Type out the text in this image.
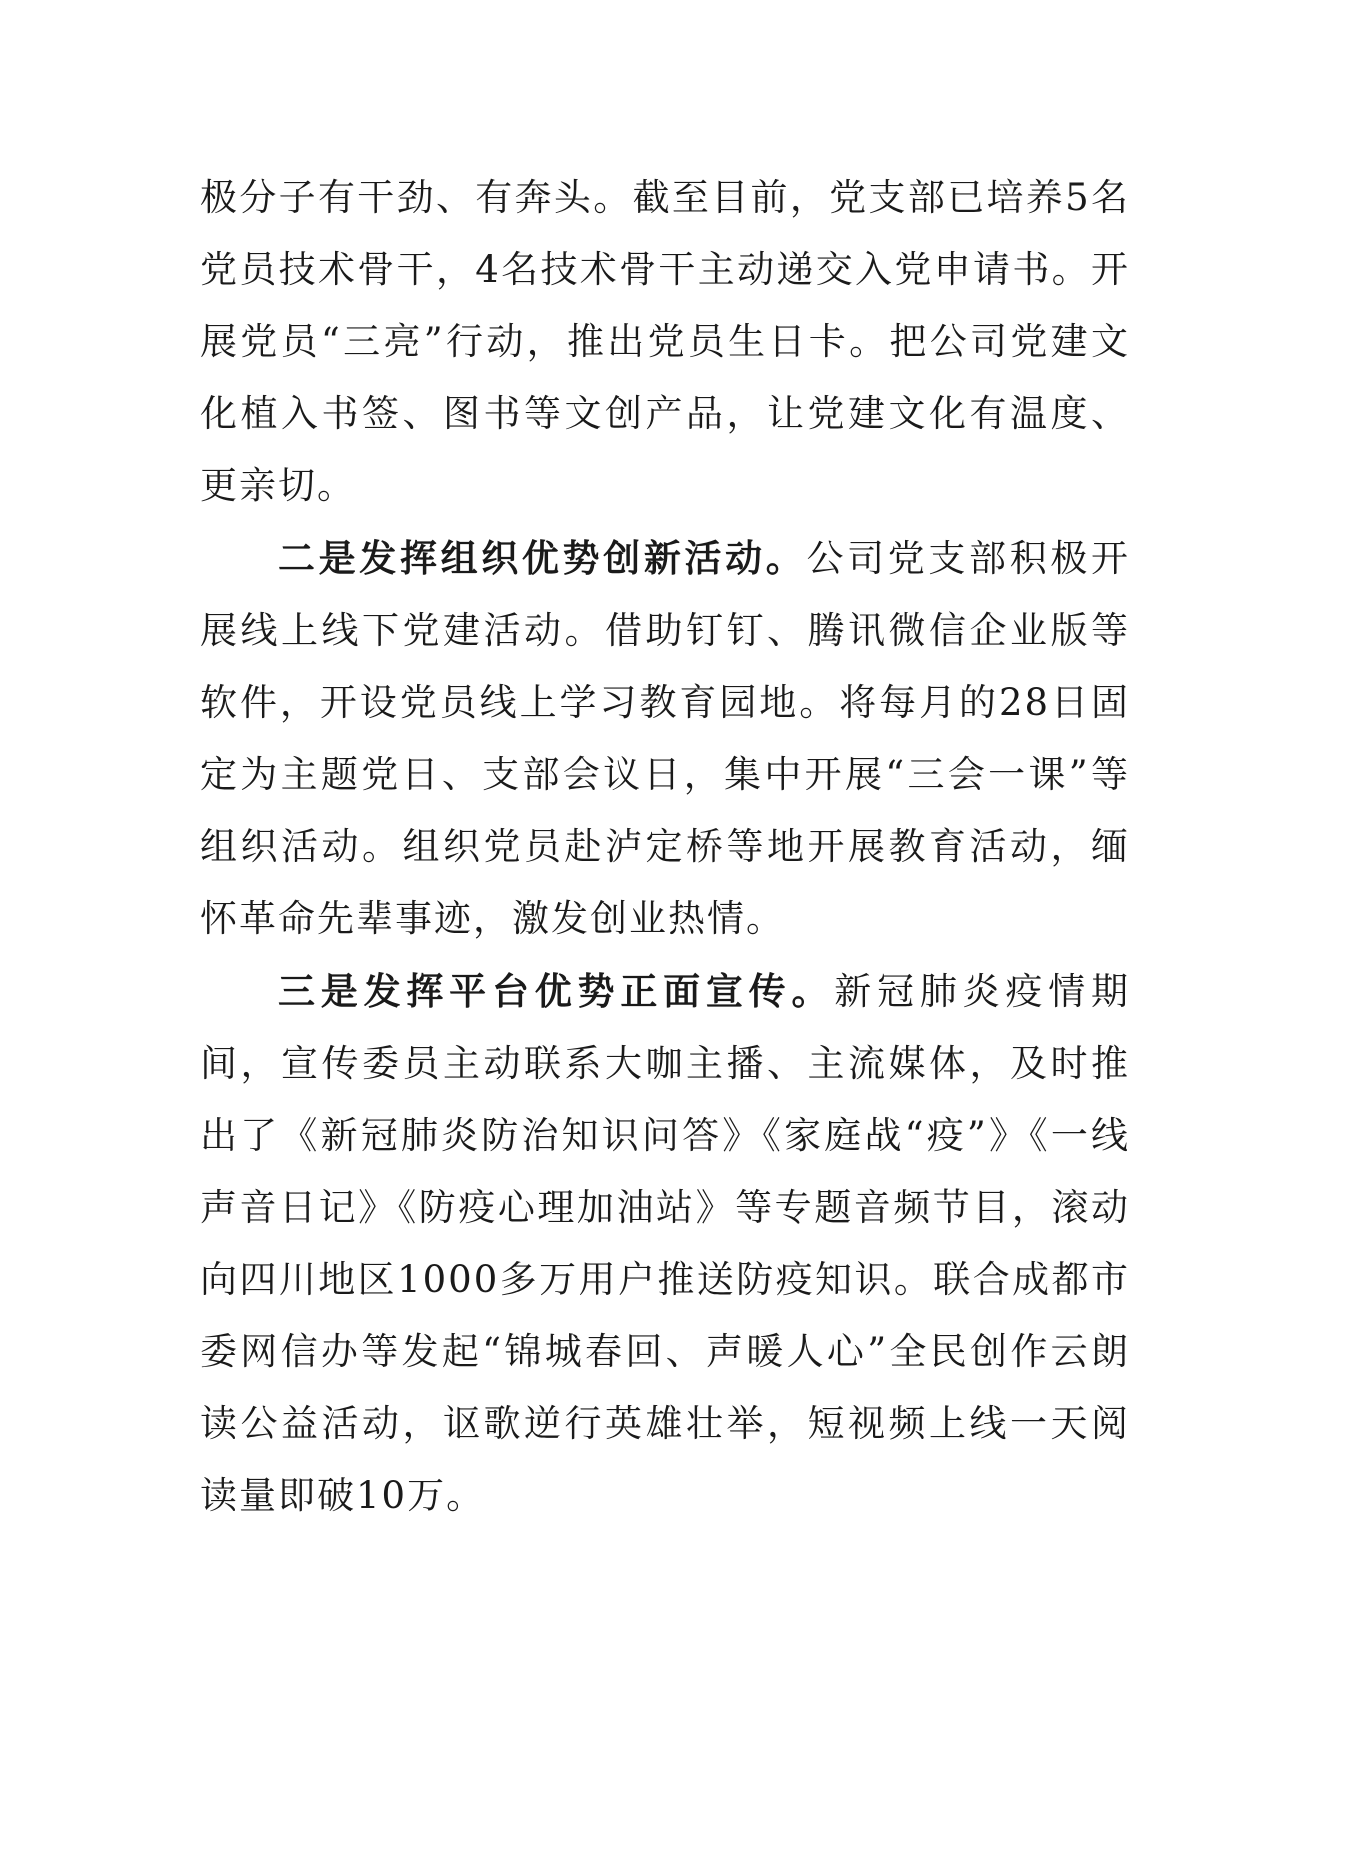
极分子有干劲、有奔头。截至目前，党支部已培养5名党员技术骨干，4名技术骨干主动递交入党申请书。开展党员“三亮”行动，推出党员生日卡。把公司党建文化植入书签、图书等文创产品，让党建文化有温度、更亲切。

二是发挥组织优势创新活动。公司党支部积极开展线上线下党建活动。借助钉钉、腾讯微信企业版等软件，开设党员线上学习教育园地。将每月的28日固定为主题党日、支部会议日，集中开展“三会一课”等组织活动。组织党员赴泸定桥等地开展教育活动，缅怀革命先辈事迹，激发创业热情。

三是发挥平台优势正面宣传。新冠肺炎疫情期间，宣传委员主动联系大咖主播、主流媒体，及时推出了《新冠肺炎防治知识问答》《家庭战“疫”》《一线声音日记》《防疫心理加油站》等专题音频节目，滚动向四川地区1000多万用户推送防疫知识。联合成都市委网信办等发起“锦城春回、声暖人心”全民创作云朗读公益活动，讴歌逆行英雄壮举，短视频上线一天阅读量即破10万。
